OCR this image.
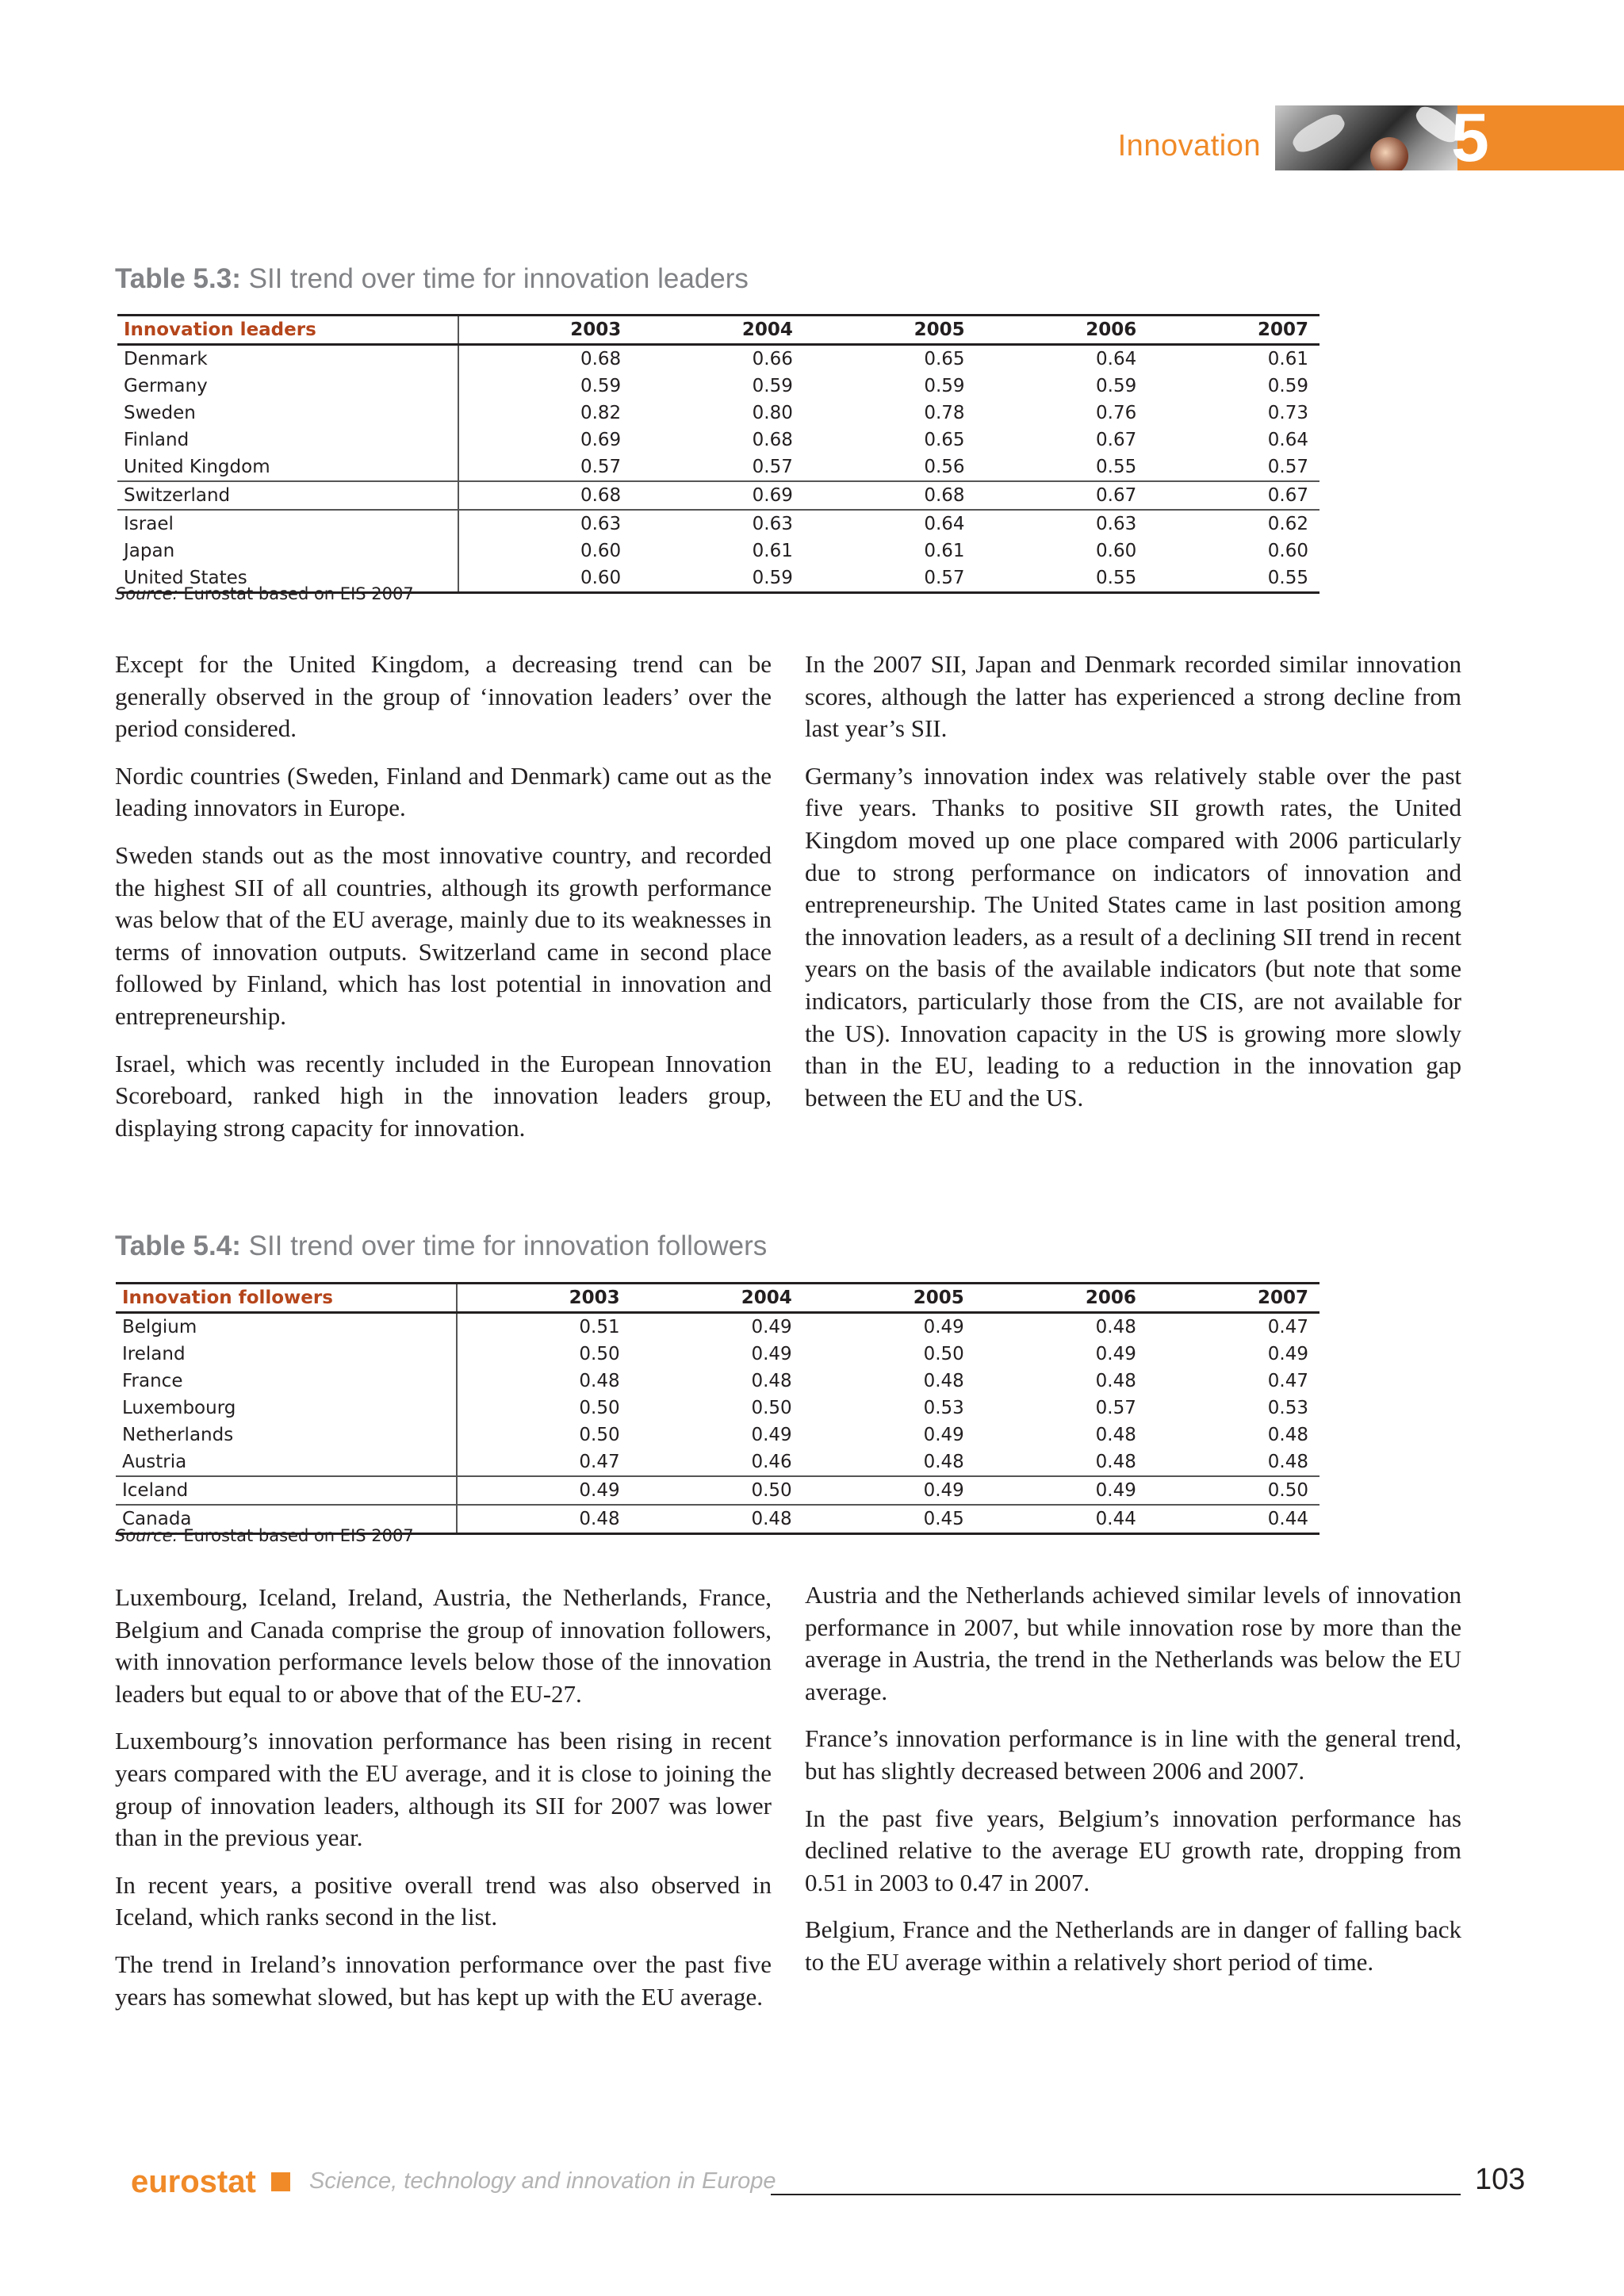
Innovation	5
Table 5.3: SII trend over time for innovation leaders
Innovation leaders	2003	2004	2005	2006	2007
Denmark	0.68	0.66	0.65	0.64	0.61
Germany	0.59	0.59	0.59	0.59	0.59
Sweden	0.82	0.80	0.78	0.76	0.73
Finland	0.69	0.68	0.65	0.67	0.64
United Kingdom	0.57	0.57	0.56	0.55	0.57
Switzerland	0.68	0.69	0.68	0.67	0.67
Israel	0.63	0.63	0.64	0.63	0.62
Japan	0.60	0.61	0.61	0.60	0.60
United States	0.60	0.59	0.57	0.55	0.55
Source: Eurostat based on EIS 2007

Except for the United Kingdom, a decreasing trend can be generally observed in the group of ‘innovation leaders’ over the period considered.

Nordic countries (Sweden, Finland and Denmark) came out as the leading innovators in Europe.

Sweden stands out as the most innovative country, and recorded the highest SII of all countries, although its growth performance was below that of the EU average, mainly due to its weaknesses in terms of innovation outputs. Switzerland came in second place followed by Finland, which has lost potential in innovation and entrepreneurship.

Israel, which was recently included in the European Innovation Scoreboard, ranked high in the innovation leaders group, displaying strong capacity for innovation.

In the 2007 SII, Japan and Denmark recorded similar innovation scores, although the latter has experienced a strong decline from last year’s SII.

Germany’s innovation index was relatively stable over the past five years. Thanks to positive SII growth rates, the United Kingdom moved up one place compared with 2006 particularly due to strong performance on indicators of innovation and entrepreneurship. The United States came in last position among the innovation leaders, as a result of a declining SII trend in recent years on the basis of the available indicators (but note that some indicators, particularly those from the CIS, are not available for the US). Innovation capacity in the US is growing more slowly than in the EU, leading to a reduction in the innovation gap between the EU and the US.

Table 5.4: SII trend over time for innovation followers
Innovation followers	2003	2004	2005	2006	2007
Belgium	0.51	0.49	0.49	0.48	0.47
Ireland	0.50	0.49	0.50	0.49	0.49
France	0.48	0.48	0.48	0.48	0.47
Luxembourg	0.50	0.50	0.53	0.57	0.53
Netherlands	0.50	0.49	0.49	0.48	0.48
Austria	0.47	0.46	0.48	0.48	0.48
Iceland	0.49	0.50	0.49	0.49	0.50
Canada	0.48	0.48	0.45	0.44	0.44
Source: Eurostat based on EIS 2007

Luxembourg, Iceland, Ireland, Austria, the Netherlands, France, Belgium and Canada comprise the group of innovation followers, with innovation performance levels below those of the innovation leaders but equal to or above that of the EU-27.

Luxembourg’s innovation performance has been rising in recent years compared with the EU average, and it is close to joining the group of innovation leaders, although its SII for 2007 was lower than in the previous year.

In recent years, a positive overall trend was also observed in Iceland, which ranks second in the list.

The trend in Ireland’s innovation performance over the past five years has somewhat slowed, but has kept up with the EU average.

Austria and the Netherlands achieved similar levels of innovation performance in 2007, but while innovation rose by more than the average in Austria, the trend in the Netherlands was below the EU average.

France’s innovation performance is in line with the general trend, but has slightly decreased between 2006 and 2007.

In the past five years, Belgium’s innovation performance has declined relative to the average EU growth rate, dropping from 0.51 in 2003 to 0.47 in 2007.

Belgium, France and the Netherlands are in danger of falling back to the EU average within a relatively short period of time.

eurostat Science, technology and innovation in Europe	103
